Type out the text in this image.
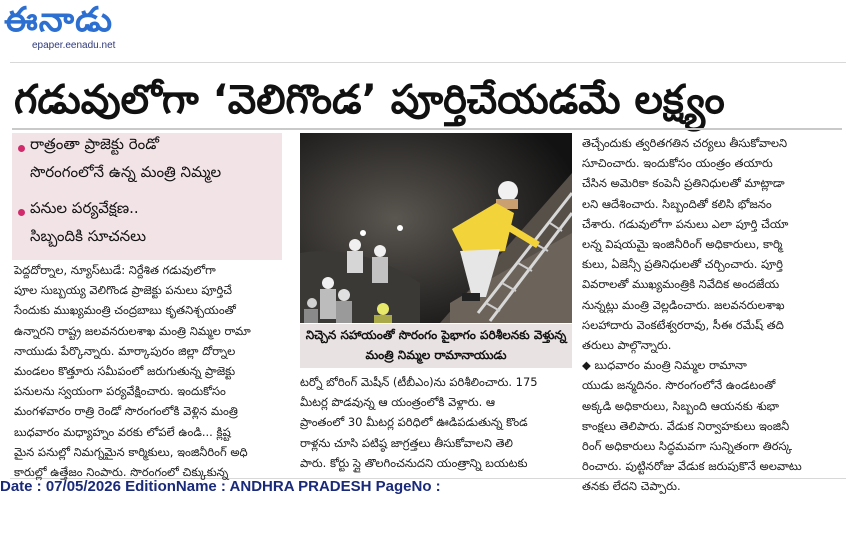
ఈనాడు
epaper.eenadu.net
గడువులోగా ‘వెలిగొండ’ పూర్తిచేయడమే లక్ష్యం
రాత్రంతా ప్రాజెక్టు రెండో
సొరంగంలోనే ఉన్న మంత్రి నిమ్మల
పనుల పర్యవేక్షణ..
సిబ్బందికి సూచనలు
నిచ్చెన సహాయంతో సొరంగం పైభాగం పరిశీలనకు వెళ్తున్న
మంత్రి నిమ్మల రామానాయుడు

పెద్దదోర్నాల, న్యూస్‌టుడే: నిర్దేశిత గడువులోగా

పూల సుబ్బయ్య వెలిగొండ ప్రాజెక్టు పనులు పూర్తిచే

సేందుకు ముఖ్యమంత్రి చంద్రబాబు కృతనిశ్చయంతో

ఉన్నారని రాష్ట్ర జలవనరులశాఖ మంత్రి నిమ్మల రామా

నాయుడు పేర్కొన్నారు. మార్కాపురం జిల్లా దోర్నాల

మండలం కొత్తూరు సమీపంలో జరుగుతున్న ప్రాజెక్టు

పనులను స్వయంగా పర్యవేక్షించారు. ఇందుకోసం

మంగళవారం రాత్రి రెండో సొరంగంలోకి వెళ్లిన మంత్రి

బుధవారం మధ్యాహ్నం వరకు లోపలే ఉండి... క్లిష్ట

మైన పనుల్లో నిమగ్నమైన కార్మికులు, ఇంజినీరింగ్ అధి

కారుల్లో ఉత్తేజం నింపారు. సొరంగంలో చిక్కుకున్న

టర్నో బోరింగ్ మెషీన్ (టీబీఎం)ను పరిశీలించారు. 175

మీటర్ల పొడవున్న ఆ యంత్రంలోకి వెళ్లారు. ఆ

ప్రాంతంలో 30 మీటర్ల పరిధిలో ఊడిపడుతున్న కొండ

రాళ్లను చూసి పటిష్ఠ జాగ్రత్తలు తీసుకోవాలని తెలి

పారు. కోర్టు స్లై తొలగించనుదని యంత్రాన్ని బయటకు

తెచ్చేందుకు త్వరితగతిన చర్యలు తీసుకోవాలని

సూచించారు. ఇందుకోసం యంత్రం తయారు

చేసిన అమెరికా కంపెనీ ప్రతినిధులతో మాట్లాడా

లని ఆదేశించారు. సిబ్బందితో కలిసి భోజనం

చేశారు. గడువులోగా పనులు ఎలా పూర్తి చేయా

లన్న విషయమై ఇంజినీరింగ్ అధికారులు, కార్మి

కులు, ఏజెన్సీ ప్రతినిధులతో చర్చించారు. పూర్తి

వివరాలతో ముఖ్యమంత్రికి నివేదిక అందజేయ

నున్నట్లు మంత్రి వెల్లడించారు. జలవనరులశాఖ

సలహాదారు వెంకటేశ్వరరావు, సీఈ రమేష్ తది

తరులు పాల్గొన్నారు.

◆ బుధవారం మంత్రి నిమ్మల రామానా

యుడు జన్మదినం. సొరంగంలోనే ఉండటంతో

అక్కడి అధికారులు, సిబ్బంది ఆయనకు శుభా

కాంక్షలు తెలిపారు. వేడుక నిర్వాహకులు ఇంజినీ

రింగ్ అధికారులు సిద్ధమవగా సున్నితంగా తిరస్క

రించారు. పుట్టినరోజు వేడుక జరుపుకొనే అలవాటు

తనకు లేదని చెప్పారు.

Date : 07/05/2026 EditionName : ANDHRA PRADESH PageNo :
